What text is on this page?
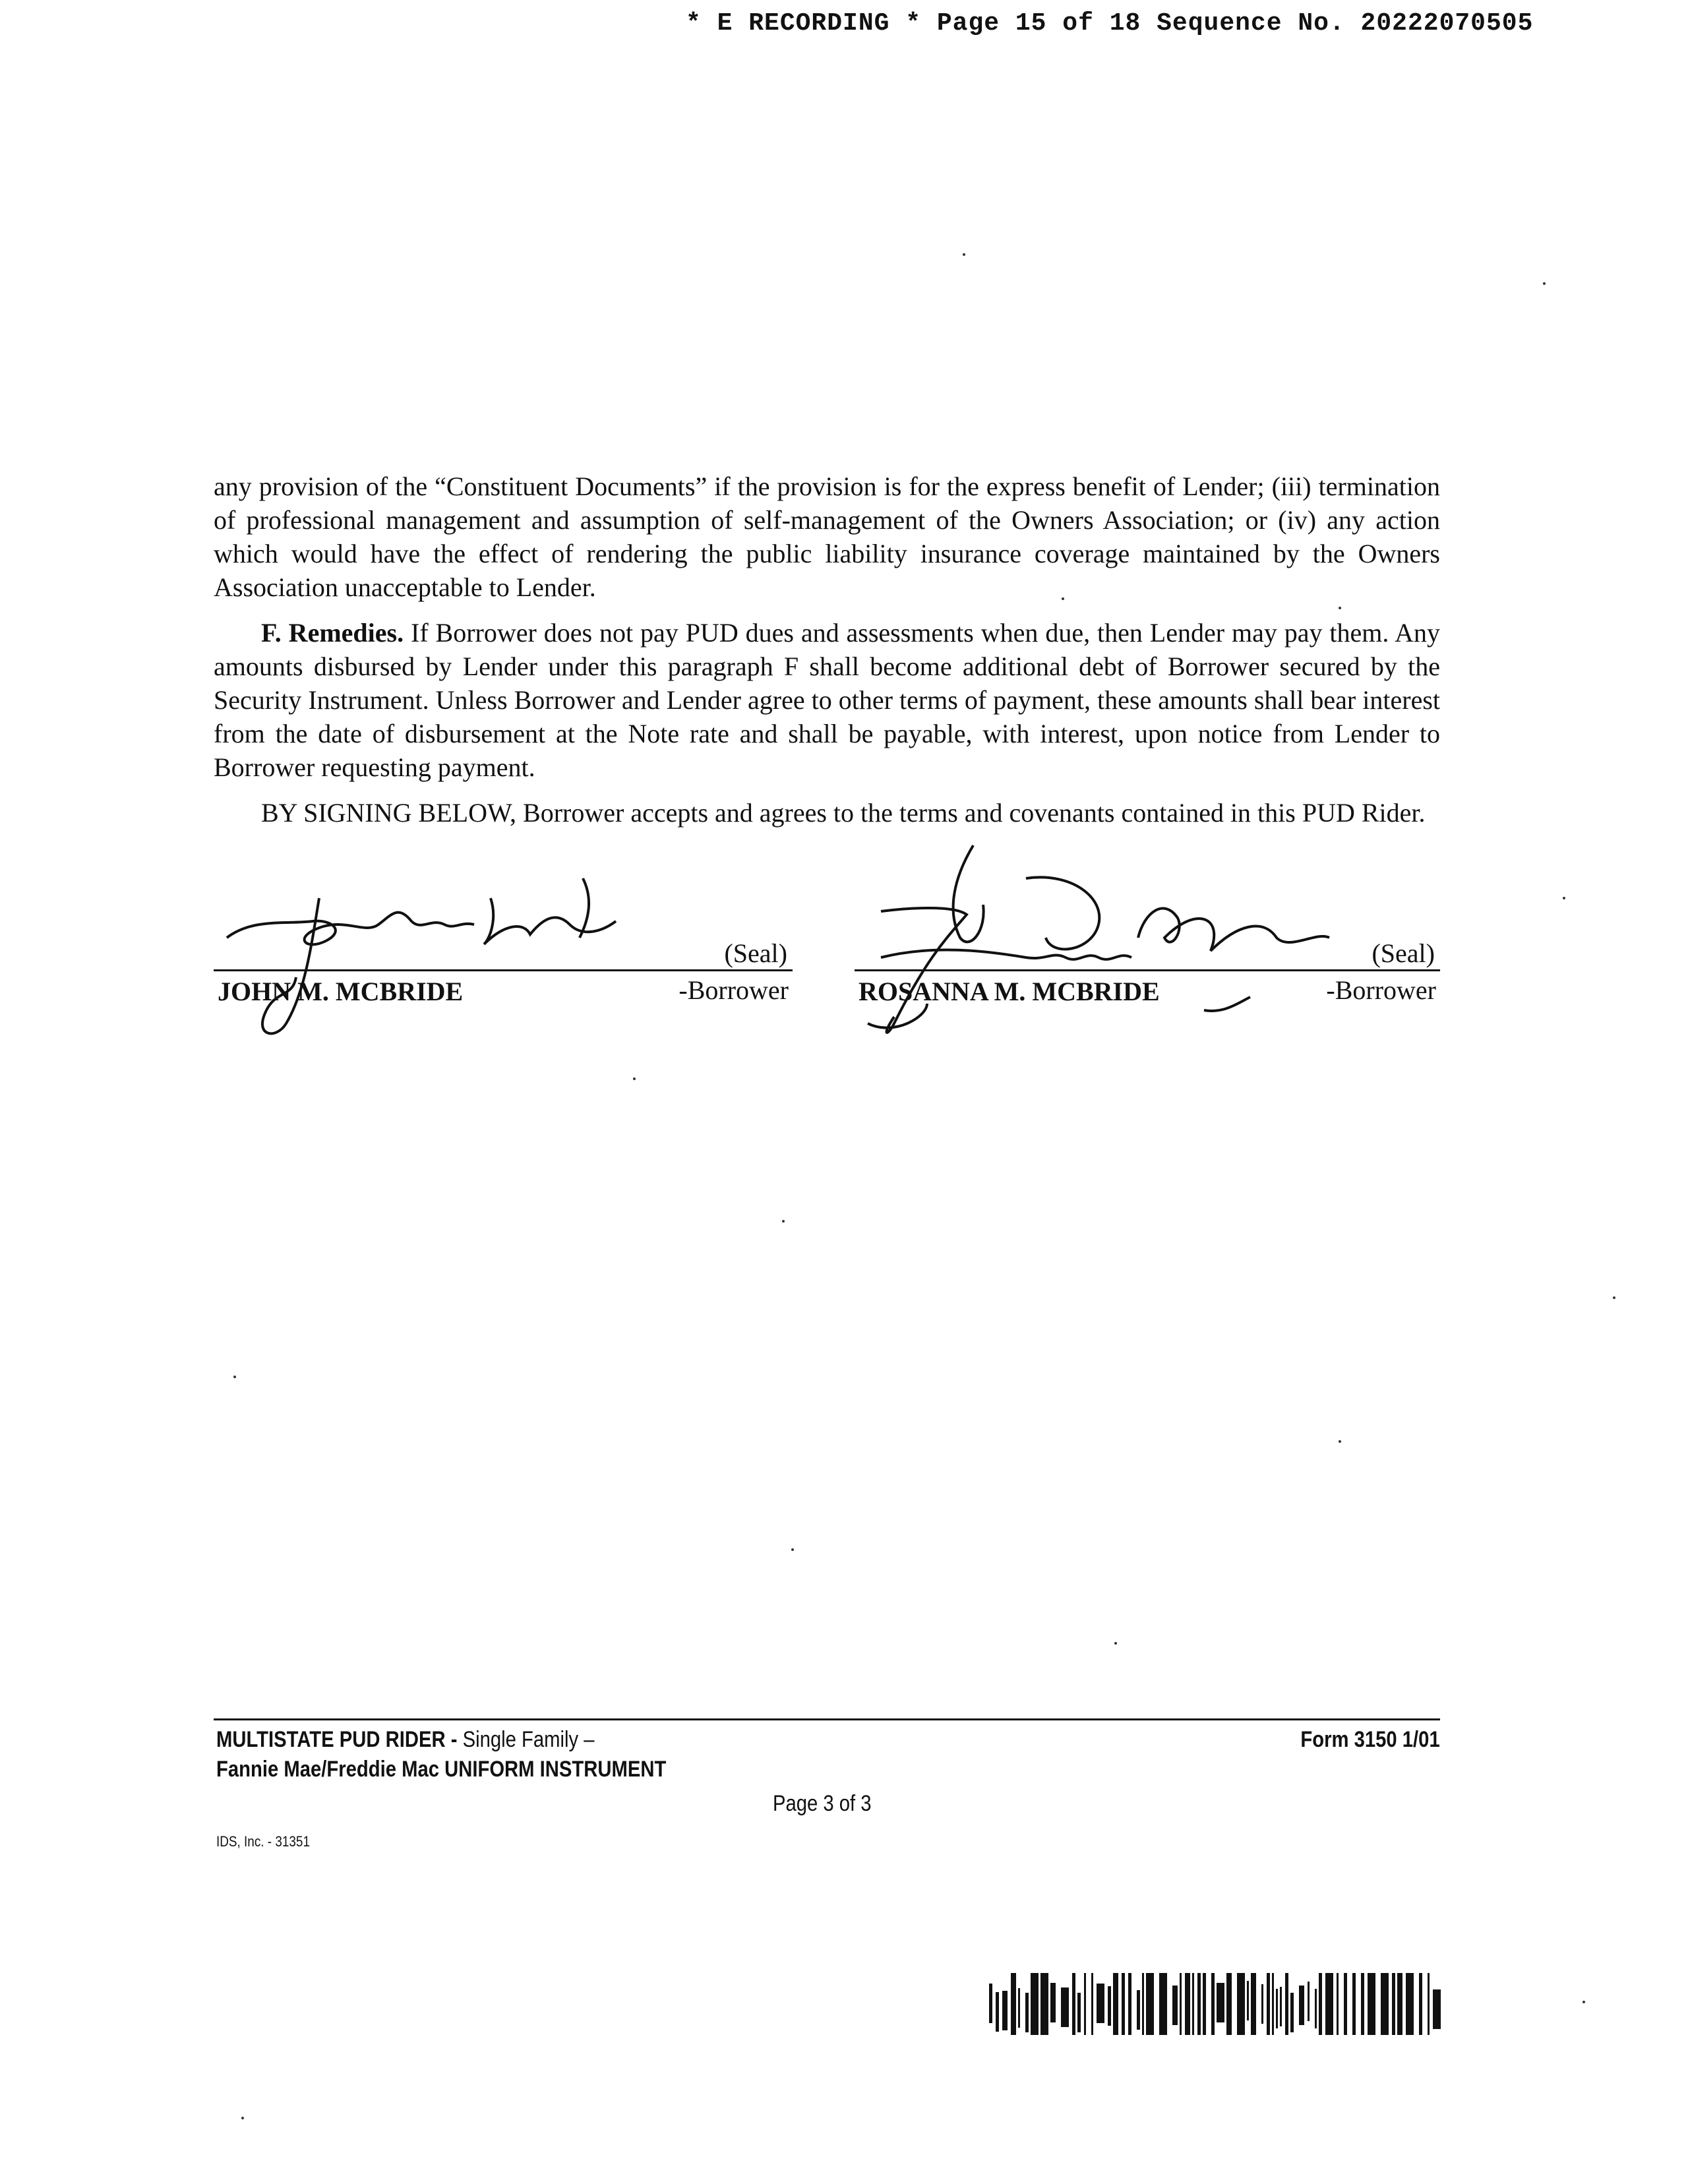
* E RECORDING * Page 15 of 18 Sequence No. 20222070505

any provision of the “Constituent Documents” if the provision is for the express benefit of Lender; (iii) termination of professional management and assumption of self-management of the Owners Association; or (iv) any action which would have the effect of rendering the public liability insurance coverage maintained by the Owners Association unacceptable to Lender.

F. Remedies. If Borrower does not pay PUD dues and assessments when due, then Lender may pay them. Any amounts disbursed by Lender under this paragraph F shall become additional debt of Borrower secured by the Security Instrument. Unless Borrower and Lender agree to other terms of payment, these amounts shall bear interest from the date of disbursement at the Note rate and shall be payable, with interest, upon notice from Lender to Borrower requesting payment.

BY SIGNING BELOW, Borrower accepts and agrees to the terms and covenants contained in this PUD Rider.

(Seal)
JOHN M. MCBRIDE	-Borrower
(Seal)
ROSANNA M. MCBRIDE	-Borrower
MULTISTATE PUD RIDER - Single Family –	Form 3150 1/01
Fannie Mae/Freddie Mac UNIFORM INSTRUMENT
Page 3 of 3
IDS, Inc. - 31351
